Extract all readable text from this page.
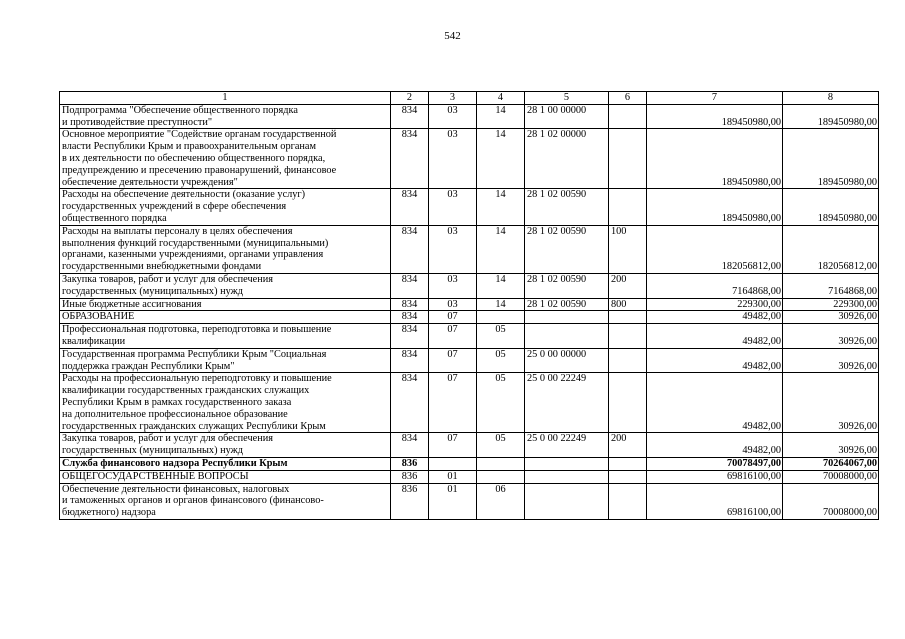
542
1	2	3	4	5	6	7	8
Подпрограмма "Обеспечение общественного порядка
и противодействие преступности"	834	03	14	28 1 00 00000		189450980,00	189450980,00
Основное мероприятие "Содействие органам государственной
власти Республики Крым и правоохранительным органам
в их деятельности по обеспечению общественного порядка,
предупреждению и пресечению правонарушений, финансовое
обеспечение деятельности учреждения"	834	03	14	28 1 02 00000		189450980,00	189450980,00
Расходы на обеспечение деятельности (оказание услуг)
государственных учреждений в сфере обеспечения
общественного порядка	834	03	14	28 1 02 00590		189450980,00	189450980,00
Расходы на выплаты персоналу в целях обеспечения
выполнения функций государственными (муниципальными)
органами, казенными учреждениями, органами управления
государственными внебюджетными фондами	834	03	14	28 1 02 00590	100	182056812,00	182056812,00
Закупка товаров, работ и услуг для обеспечения
государственных (муниципальных) нужд	834	03	14	28 1 02 00590	200	7164868,00	7164868,00
Иные бюджетные ассигнования	834	03	14	28 1 02 00590	800	229300,00	229300,00
ОБРАЗОВАНИЕ	834	07				49482,00	30926,00
Профессиональная подготовка, переподготовка и повышение
квалификации	834	07	05			49482,00	30926,00
Государственная программа Республики Крым "Социальная
поддержка граждан Республики Крым"	834	07	05	25 0 00 00000		49482,00	30926,00
Расходы на профессиональную переподготовку и повышение
квалификации государственных гражданских служащих
Республики Крым в рамках государственного заказа
на дополнительное профессиональное образование
государственных гражданских служащих Республики Крым	834	07	05	25 0 00 22249		49482,00	30926,00
Закупка товаров, работ и услуг для обеспечения
государственных (муниципальных) нужд	834	07	05	25 0 00 22249	200	49482,00	30926,00
Служба финансового надзора Республики Крым	836					70078497,00	70264067,00
ОБЩЕГОСУДАРСТВЕННЫЕ ВОПРОСЫ	836	01				69816100,00	70008000,00
Обеспечение деятельности финансовых, налоговых
и таможенных органов и органов финансового (финансово-
бюджетного) надзора	836	01	06			69816100,00	70008000,00
